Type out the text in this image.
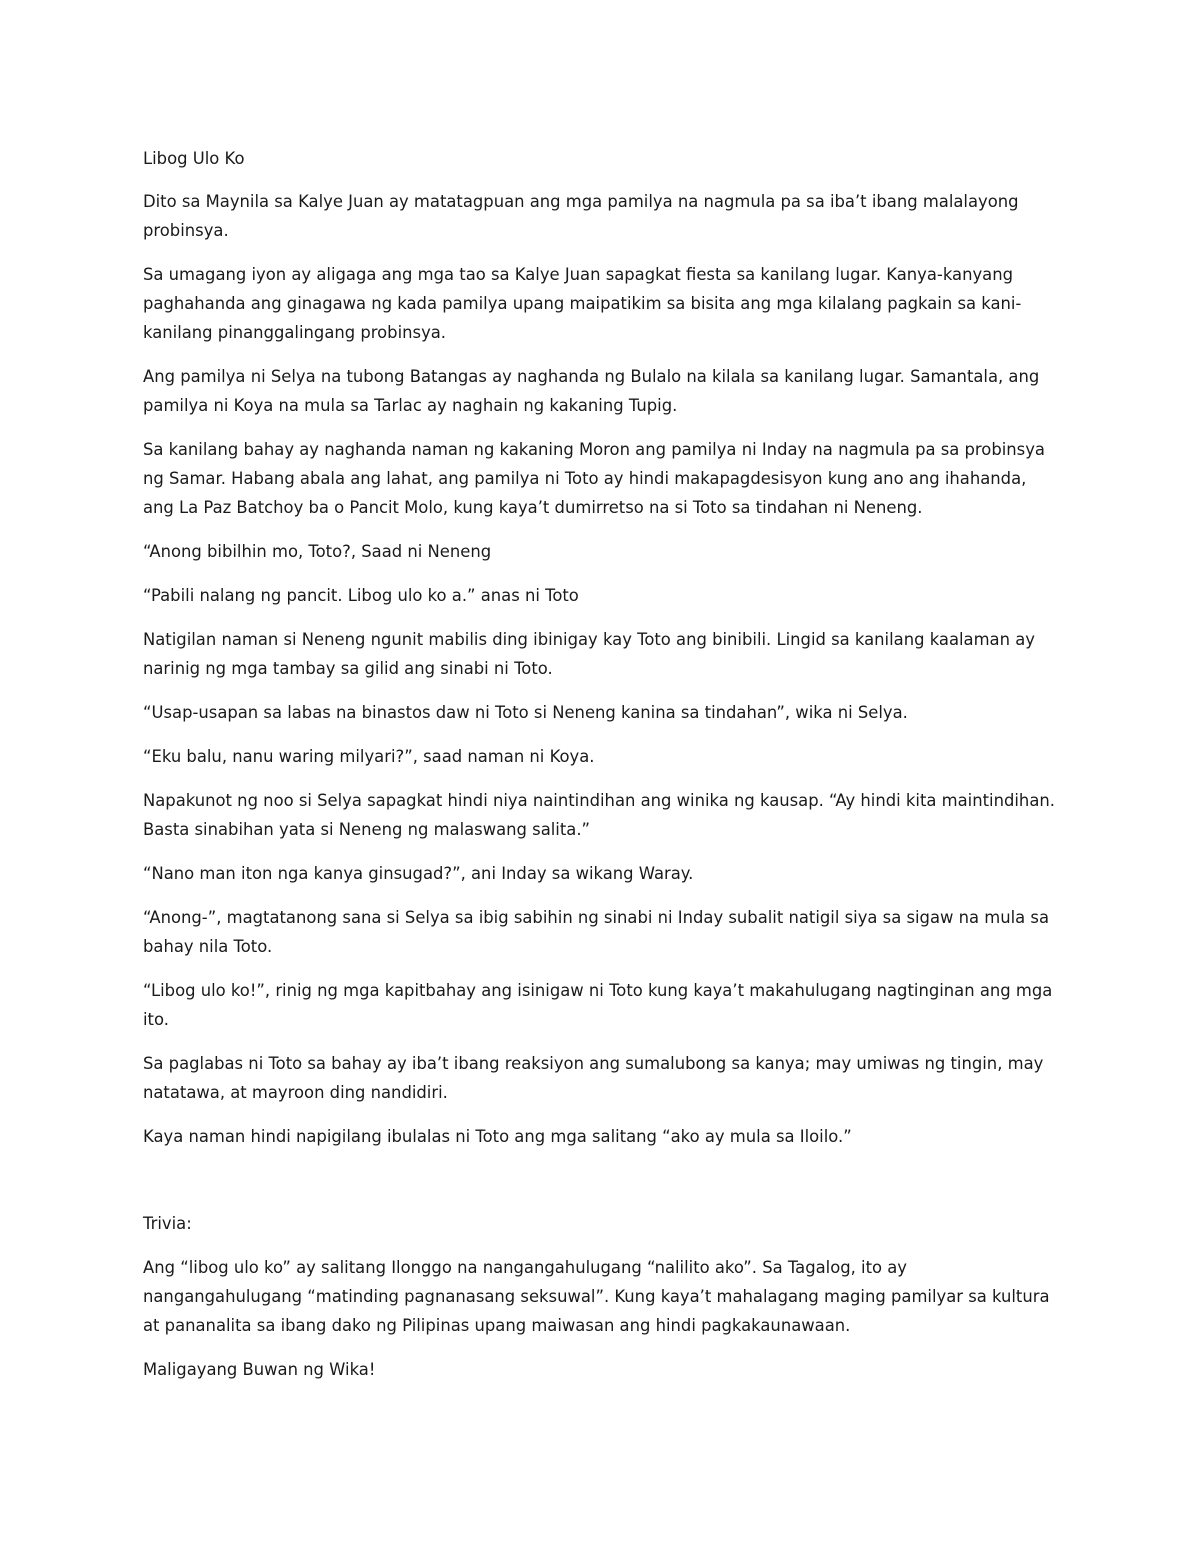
Libog Ulo Ko

Dito sa Maynila sa Kalye Juan ay matatagpuan ang mga pamilya na nagmula pa sa iba’t ibang malalayong probinsya.

Sa umagang iyon ay aligaga ang mga tao sa Kalye Juan sapagkat fiesta sa kanilang lugar. Kanya-kanyang paghahanda ang ginagawa ng kada pamilya upang maipatikim sa bisita ang mga kilalang pagkain sa kani-kanilang pinanggalingang probinsya.

Ang pamilya ni Selya na tubong Batangas ay naghanda ng Bulalo na kilala sa kanilang lugar. Samantala, ang pamilya ni Koya na mula sa Tarlac ay naghain ng kakaning Tupig.

Sa kanilang bahay ay naghanda naman ng kakaning Moron ang pamilya ni Inday na nagmula pa sa probinsya ng Samar. Habang abala ang lahat, ang pamilya ni Toto ay hindi makapagdesisyon kung ano ang ihahanda, ang La Paz Batchoy ba o Pancit Molo, kung kaya’t dumirretso na si Toto sa tindahan ni Neneng.

“Anong bibilhin mo, Toto?, Saad ni Neneng

“Pabili nalang ng pancit. Libog ulo ko a.” anas ni Toto

Natigilan naman si Neneng ngunit mabilis ding ibinigay kay Toto ang binibili. Lingid sa kanilang kaalaman ay narinig ng mga tambay sa gilid ang sinabi ni Toto.

“Usap-usapan sa labas na binastos daw ni Toto si Neneng kanina sa tindahan”, wika ni Selya.

“Eku balu, nanu waring milyari?”, saad naman ni Koya.

Napakunot ng noo si Selya sapagkat hindi niya naintindihan ang winika ng kausap. “Ay hindi kita maintindihan. Basta sinabihan yata si Neneng ng malaswang salita.”

“Nano man iton nga kanya ginsugad?”, ani Inday sa wikang Waray.

“Anong-”, magtatanong sana si Selya sa ibig sabihin ng sinabi ni Inday subalit natigil siya sa sigaw na mula sa bahay nila Toto.

“Libog ulo ko!”, rinig ng mga kapitbahay ang isinigaw ni Toto kung kaya’t makahulugang nagtinginan ang mga ito.

Sa paglabas ni Toto sa bahay ay iba’t ibang reaksiyon ang sumalubong sa kanya; may umiwas ng tingin, may natatawa, at mayroon ding nandidiri.

Kaya naman hindi napigilang ibulalas ni Toto ang mga salitang “ako ay mula sa Iloilo.”

Trivia:

Ang “libog ulo ko” ay salitang Ilonggo na nangangahulugang “nalilito ako”. Sa Tagalog, ito ay nangangahulugang “matinding pagnanasang seksuwal”. Kung kaya’t mahalagang maging pamilyar sa kultura at pananalita sa ibang dako ng Pilipinas upang maiwasan ang hindi pagkakaunawaan.

Maligayang Buwan ng Wika!
